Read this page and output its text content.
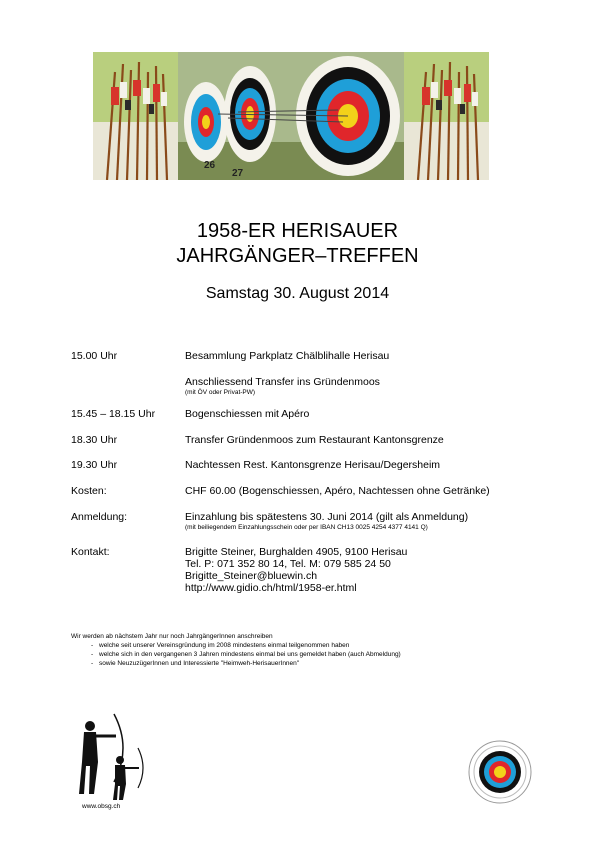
26
27
1958-ER HERISAUER
JAHRGÄNGER–TREFFEN
Samstag 30. August 2014
15.00 Uhr	Besammlung Parkplatz Chälblihalle Herisau
Anschliessend Transfer ins Gründenmoos
(mit ÖV oder Privat-PW)
15.45 – 18.15 Uhr	Bogenschiessen mit Apéro
18.30 Uhr	Transfer Gründenmoos zum Restaurant Kantonsgrenze
19.30 Uhr	Nachtessen Rest. Kantonsgrenze Herisau/Degersheim
Kosten:	CHF 60.00 (Bogenschiessen, Apéro, Nachtessen ohne Getränke)
Anmeldung:	Einzahlung bis spätestens 30. Juni 2014 (gilt als Anmeldung)
(mit beiliegendem Einzahlungsschein oder per IBAN CH13 0025 4254 4377 4141 Q)
Kontakt:	Brigitte Steiner, Burghalden 4905, 9100 Herisau
Tel. P: 071 352 80 14, Tel. M: 079 585 24 50
Brigitte_Steiner@bluewin.ch
http://www.gidio.ch/html/1958-er.html
Wir werden ab nächstem Jahr nur noch JahrgängerInnen anschreiben
- welche seit unserer Vereinsgründung im 2008 mindestens einmal teilgenommen haben
- welche sich in den vergangenen 3 Jahren mindestens einmal bei uns gemeldet haben (auch Abmeldung)
- sowie NeuzuzügerInnen und Interessierte "Heimweh-HerisauerInnen"
www.obsg.ch
